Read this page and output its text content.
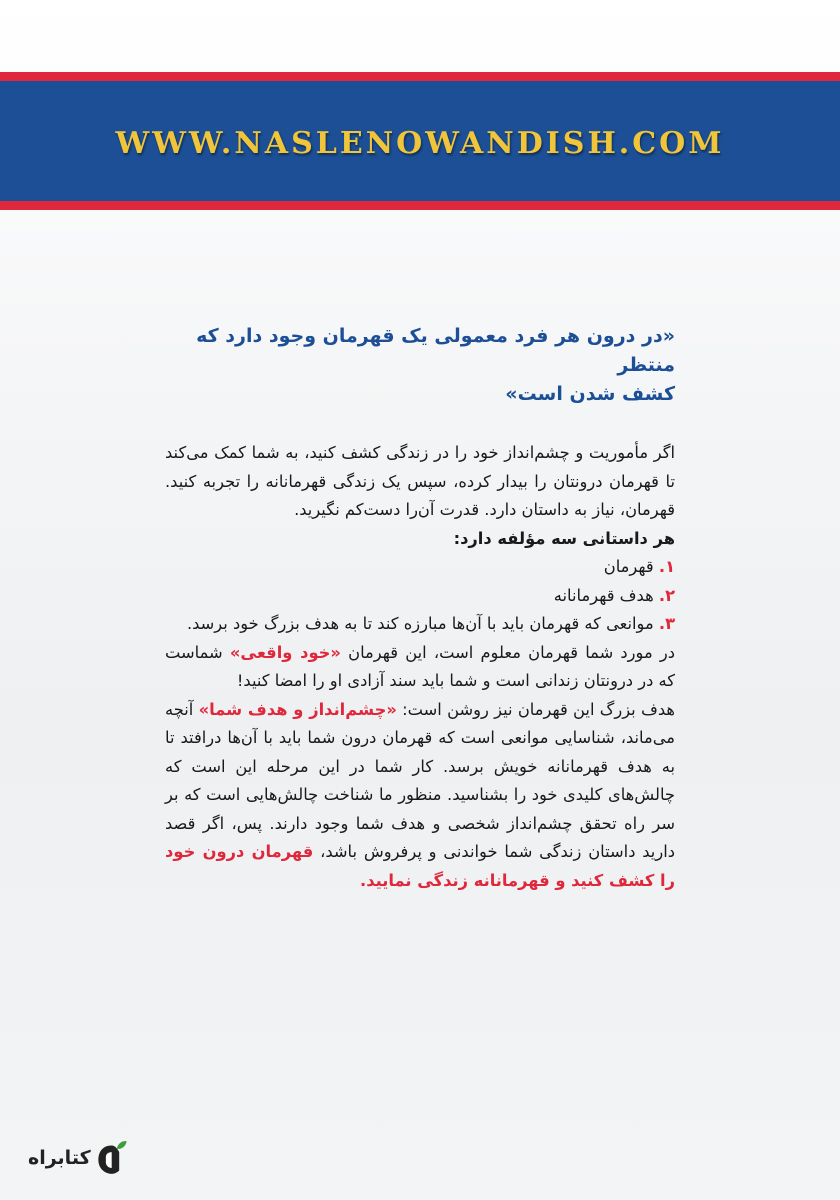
WWW.NASLENOWANDISH.COM

«در درون هر فرد معمولی یک قهرمان وجود دارد که منتظر
کشف شدن است»

اگر مأموریت و چشم‌انداز خود را در زندگی کشف کنید، به شما کمک می‌کند تا قهرمان درونتان را بیدار کرده، سپس یک زندگی قهرمانانه را تجربه کنید. قهرمان، نیاز به داستان دارد. قدرت آن‌را دست‌کم نگیرید.

هر داستانی سه مؤلفه دارد:

۱. قهرمان

۲. هدف قهرمانانه

۳. موانعی که قهرمان باید با آن‌ها مبارزه کند تا به هدف بزرگ خود برسد.

در مورد شما قهرمان معلوم است، این قهرمان «خود واقعی» شماست که در درونتان زندانی است و شما باید سند آزادی او را امضا کنید!

هدف بزرگ این قهرمان نیز روشن است: «چشم‌انداز و هدف شما» آنچه می‌ماند، شناسایی موانعی است که قهرمان درون شما باید با آن‌ها درافتد تا به هدف قهرمانانه خویش برسد. کار شما در این مرحله این است که چالش‌های کلیدی خود را بشناسید. منظور ما شناخت چالش‌هایی است که بر سر راه تحقق چشم‌انداز شخصی و هدف شما وجود دارند. پس، اگر قصد دارید داستان زندگی شما خواندنی و پرفروش باشد، قهرمان درون خود را کشف کنید و قهرمانانه زندگی نمایید.

کتابراه
